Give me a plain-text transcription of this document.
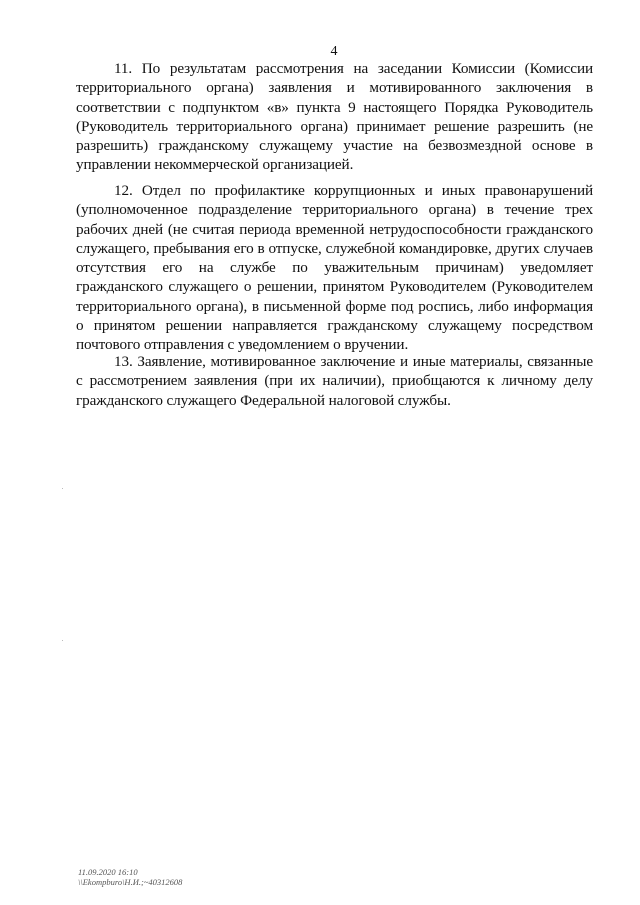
4

11. По результатам рассмотрения на заседании Комиссии (Комиссии территориального органа) заявления и мотивированного заключения в соответствии с подпунктом «в» пункта 9 настоящего Порядка Руководитель (Руководитель территориального органа) принимает решение разрешить (не разрешить) гражданскому служащему участие на безвозмездной основе в управлении некоммерческой организацией.

12. Отдел по профилактике коррупционных и иных правонарушений (уполномоченное подразделение территориального органа) в течение трех рабочих дней (не считая периода временной нетрудоспособности гражданского служащего, пребывания его в отпуске, служебной командировке, других случаев отсутствия его на службе по уважительным причинам) уведомляет гражданского служащего о решении, принятом Руководителем (Руководителем территориального органа), в письменной форме под роспись, либо информация о принятом решении направляется гражданскому служащему посредством почтового отправления с уведомлением о вручении.

13. Заявление, мотивированное заключение и иные материалы, связанные с рассмотрением заявления (при их наличии), приобщаются к личному делу гражданского служащего Федеральной налоговой службы.

11.09.2020 16:10
\\Ekompburo\Н.И.;~40312608
